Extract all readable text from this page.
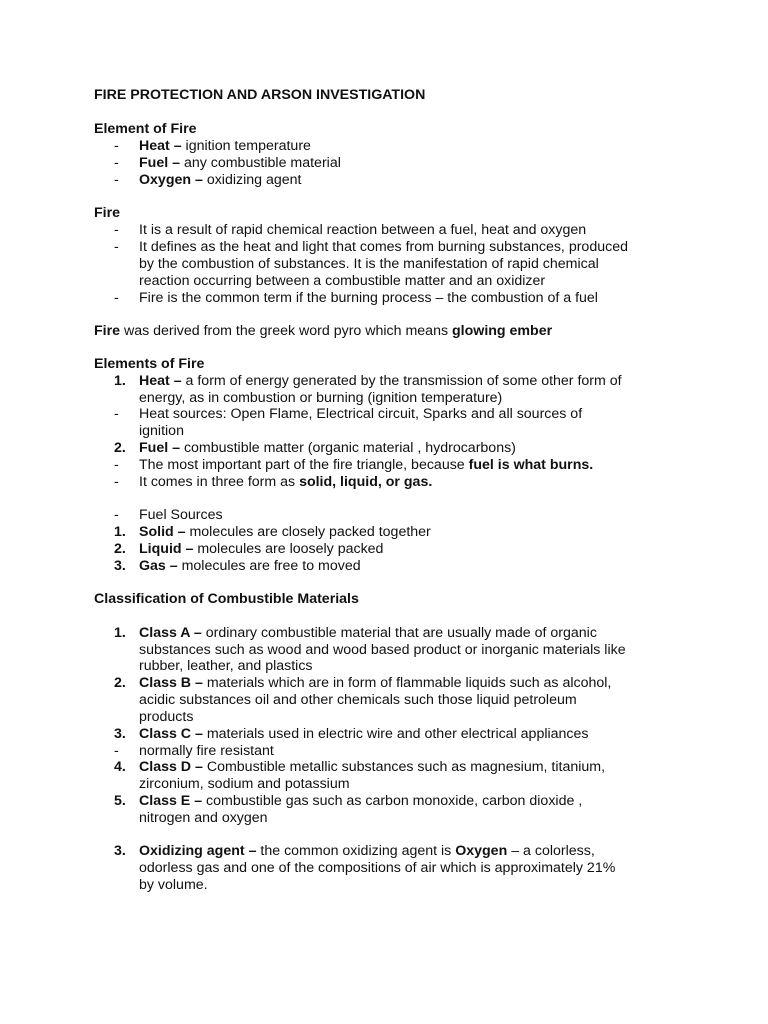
FIRE PROTECTION AND ARSON INVESTIGATION
Element of Fire
-	Heat – ignition temperature
-	Fuel – any combustible material
-	Oxygen – oxidizing agent
Fire
-	It is a result of rapid chemical reaction between a fuel, heat and oxygen
-	It defines as the heat and light that comes from burning substances, produced
by the combustion of substances. It is the manifestation of rapid chemical
reaction occurring between a combustible matter and an oxidizer
-	Fire is the common term if the burning process – the combustion of a fuel
Fire was derived from the greek word pyro which means glowing ember
Elements of Fire
1. Heat – a form of energy generated by the transmission of some other form of
energy, as in combustion or burning (ignition temperature)
-	Heat sources: Open Flame, Electrical circuit, Sparks and all sources of
ignition
2. Fuel – combustible matter (organic material , hydrocarbons)
-	The most important part of the fire triangle, because fuel is what burns.
-	It comes in three form as solid, liquid, or gas.
-	Fuel Sources
1. Solid – molecules are closely packed together
2. Liquid – molecules are loosely packed
3. Gas – molecules are free to moved
Classification of Combustible Materials
1. Class A – ordinary combustible material that are usually made of organic
substances such as wood and wood based product or inorganic materials like
rubber, leather, and plastics
2. Class B – materials which are in form of flammable liquids such as alcohol,
acidic substances oil and other chemicals such those liquid petroleum
products
3. Class C – materials used in electric wire and other electrical appliances
-	normally fire resistant
4. Class D – Combustible metallic substances such as magnesium, titanium,
zirconium, sodium and potassium
5. Class E – combustible gas such as carbon monoxide, carbon dioxide ,
nitrogen and oxygen
3. Oxidizing agent – the common oxidizing agent is Oxygen – a colorless,
odorless gas and one of the compositions of air which is approximately 21%
by volume.
